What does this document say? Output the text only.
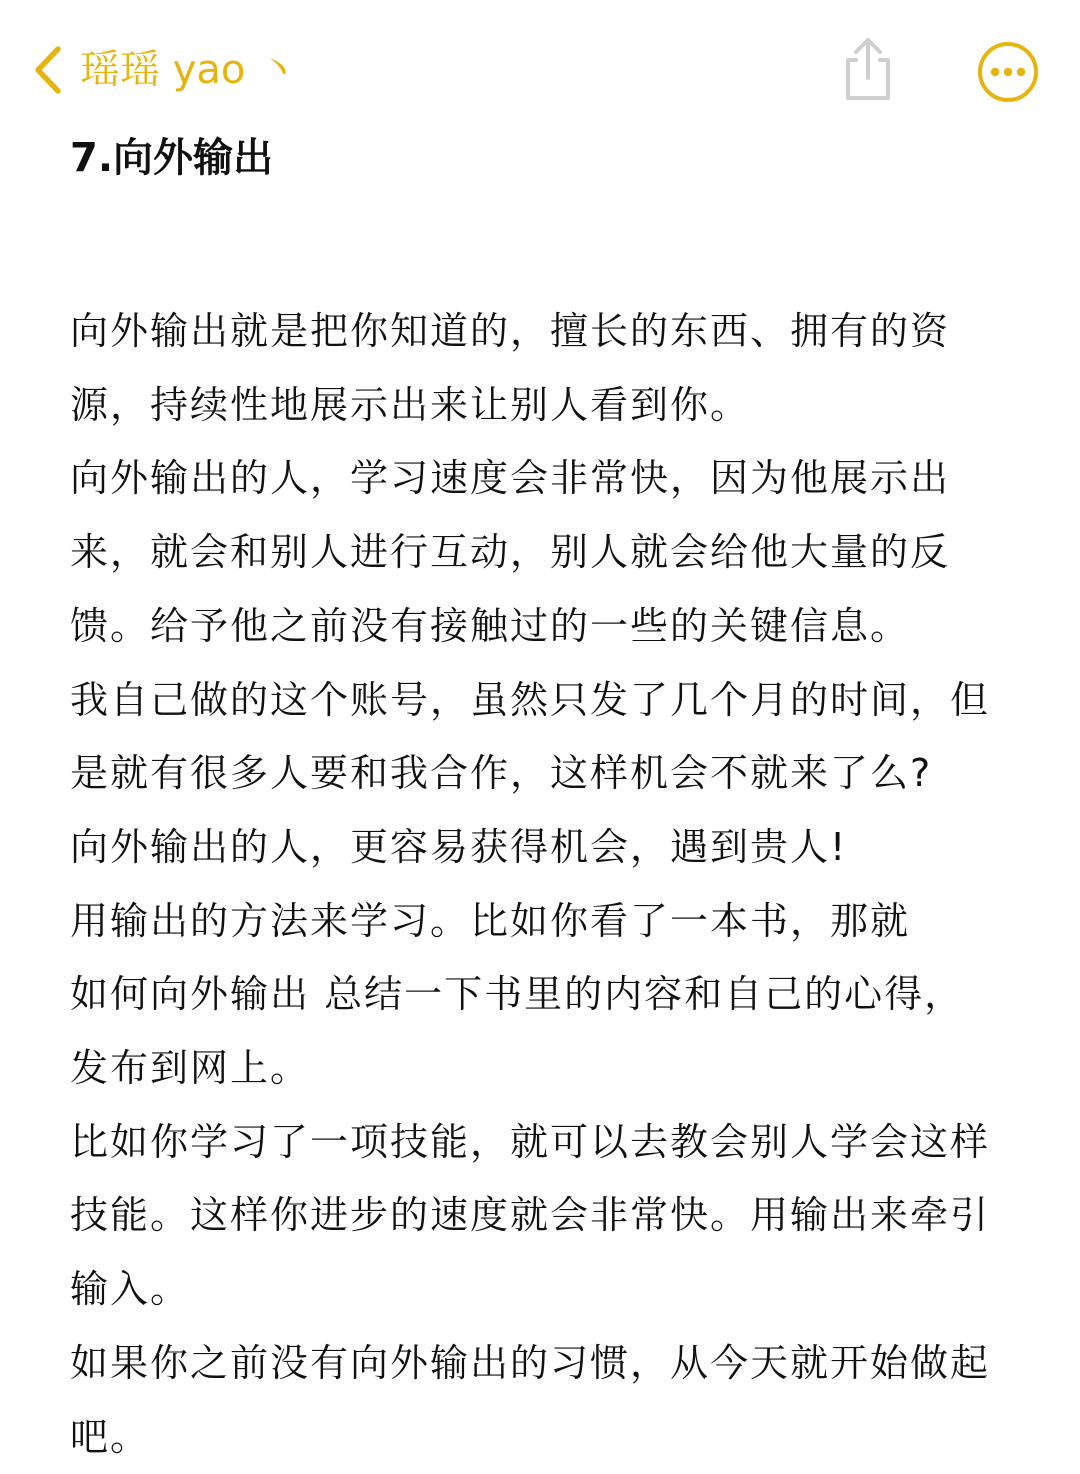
瑶瑶 yao 丶

7.向外输出

向外输出就是把你知道的，擅长的东西、拥有的资

源，持续性地展示出来让别人看到你。

向外输出的人，学习速度会非常快，因为他展示出

来，就会和别人进行互动，别人就会给他大量的反

馈。给予他之前没有接触过的一些的关键信息。

我自己做的这个账号，虽然只发了几个月的时间，但

是就有很多人要和我合作，这样机会不就来了么?

向外输出的人，更容易获得机会，遇到贵人!

用输出的方法来学习。比如你看了一本书，那就

如何向外输出 总结一下书里的内容和自己的心得，

发布到网上。

比如你学习了一项技能，就可以去教会别人学会这样

技能。这样你进步的速度就会非常快。用输出来牵引

输入。

如果你之前没有向外输出的习惯，从今天就开始做起

吧。
